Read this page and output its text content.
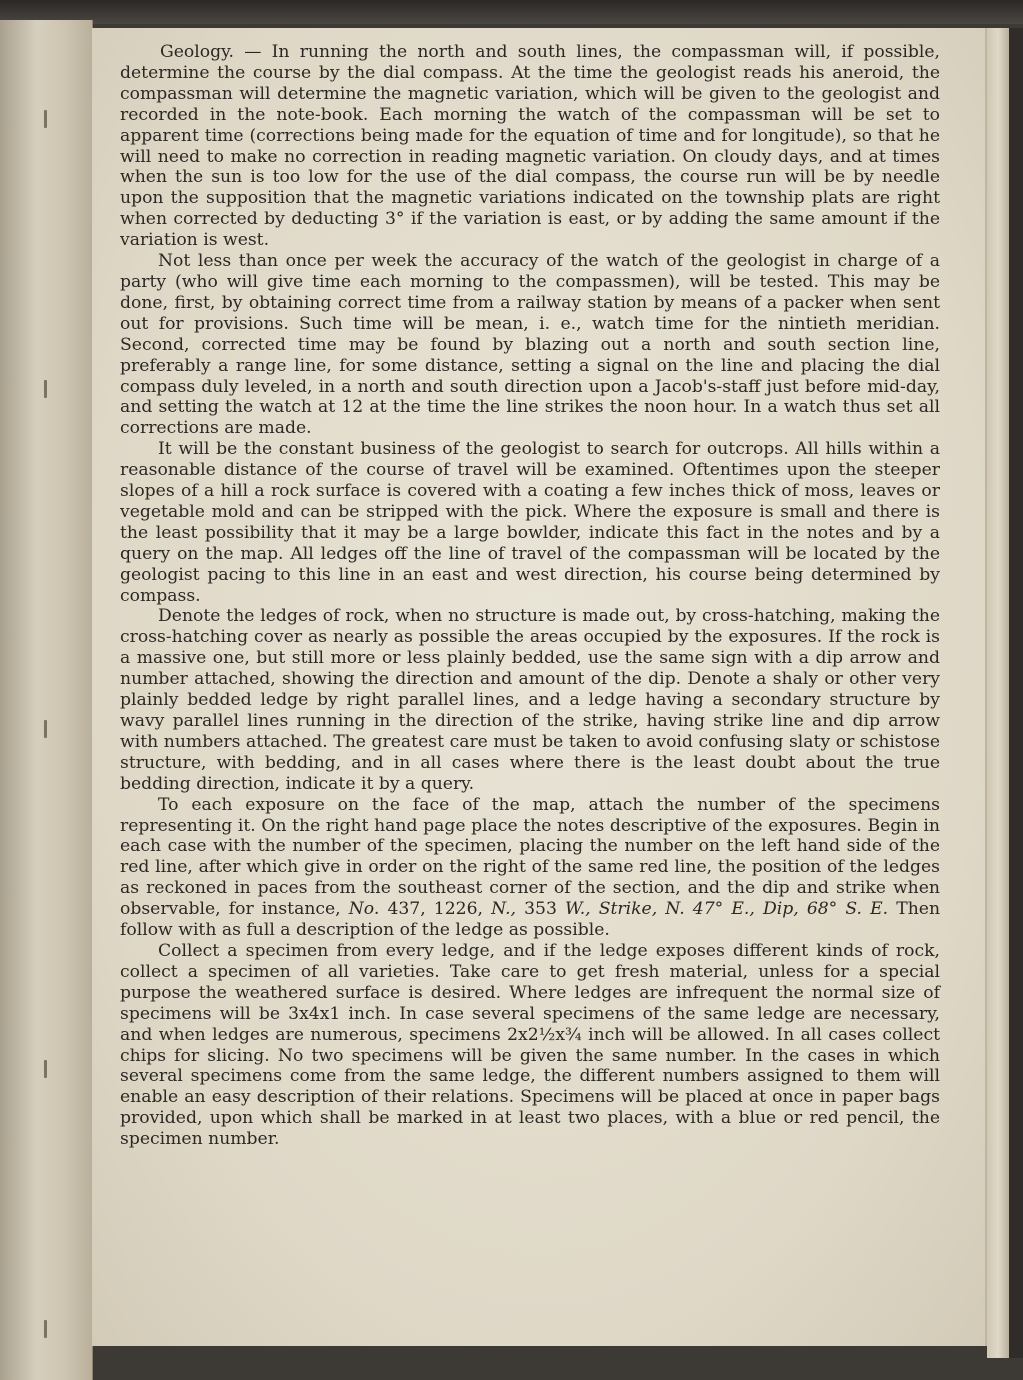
Geology. — In running the north and south lines, the compassman will, if possible, determine the course by the dial compass. At the time the geologist reads his aneroid, the compassman will determine the magnetic variation, which will be given to the geologist and recorded in the note-book. Each morning the watch of the compassman will be set to apparent time (corrections being made for the equation of time and for longitude), so that he will need to make no correction in reading magnetic variation. On cloudy days, and at times when the sun is too low for the use of the dial compass, the course run will be by needle upon the supposition that the magnetic variations indicated on the township plats are right when corrected by deducting 3° if the variation is east, or by adding the same amount if the variation is west.

Not less than once per week the accuracy of the watch of the geologist in charge of a party (who will give time each morning to the compassmen), will be tested. This may be done, first, by obtaining correct time from a railway station by means of a packer when sent out for provisions. Such time will be mean, i. e., watch time for the nintieth meridian. Second, corrected time may be found by blazing out a north and south section line, preferably a range line, for some distance, setting a signal on the line and placing the dial compass duly leveled, in a north and south direction upon a Jacob's-staff just before mid-day, and setting the watch at 12 at the time the line strikes the noon hour. In a watch thus set all corrections are made.

It will be the constant business of the geologist to search for outcrops. All hills within a reasonable distance of the course of travel will be examined. Oftentimes upon the steeper slopes of a hill a rock surface is covered with a coating a few inches thick of moss, leaves or vegetable mold and can be stripped with the pick. Where the exposure is small and there is the least possibility that it may be a large bowlder, indicate this fact in the notes and by a query on the map. All ledges off the line of travel of the compassman will be located by the geologist pacing to this line in an east and west direction, his course being determined by compass.

Denote the ledges of rock, when no structure is made out, by cross-hatching, making the cross-hatching cover as nearly as possible the areas occupied by the exposures. If the rock is a massive one, but still more or less plainly bedded, use the same sign with a dip arrow and number attached, showing the direction and amount of the dip. Denote a shaly or other very plainly bedded ledge by right parallel lines, and a ledge having a secondary structure by wavy parallel lines running in the direction of the strike, having strike line and dip arrow with numbers attached. The greatest care must be taken to avoid confusing slaty or schistose structure, with bedding, and in all cases where there is the least doubt about the true bedding direction, indicate it by a query.

To each exposure on the face of the map, attach the number of the specimens representing it. On the right hand page place the notes descriptive of the exposures. Begin in each case with the number of the specimen, placing the number on the left hand side of the red line, after which give in order on the right of the same red line, the position of the ledges as reckoned in paces from the southeast corner of the section, and the dip and strike when observable, for instance, No. 437, 1226, N., 353 W., Strike, N. 47° E., Dip, 68° S. E. Then follow with as full a description of the ledge as possible.

Collect a specimen from every ledge, and if the ledge exposes different kinds of rock, collect a specimen of all varieties. Take care to get fresh material, unless for a special purpose the weathered surface is desired. Where ledges are infrequent the normal size of specimens will be 3x4x1 inch. In case several specimens of the same ledge are necessary, and when ledges are numerous, specimens 2x2½x¾ inch will be allowed. In all cases collect chips for slicing. No two specimens will be given the same number. In the cases in which several specimens come from the same ledge, the different numbers assigned to them will enable an easy description of their relations. Specimens will be placed at once in paper bags provided, upon which shall be marked in at least two places, with a blue or red pencil, the specimen number.
